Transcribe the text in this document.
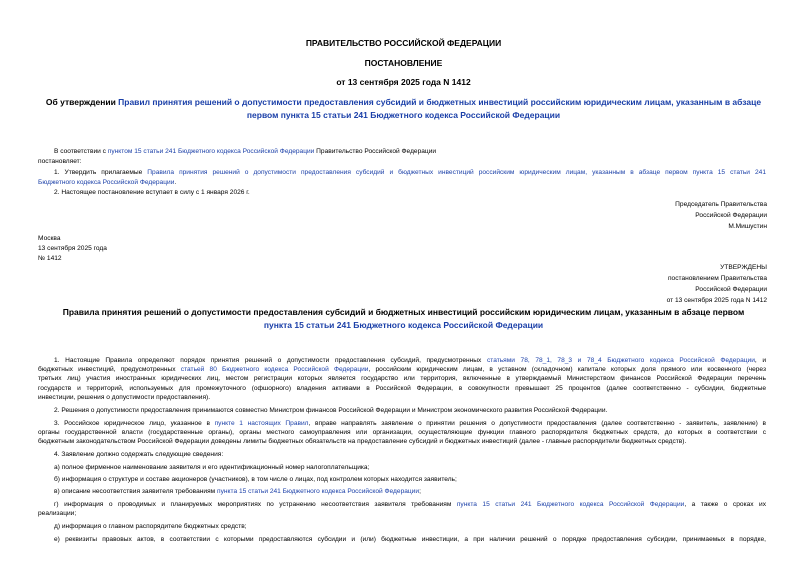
ПРАВИТЕЛЬСТВО РОССИЙСКОЙ ФЕДЕРАЦИИ
ПОСТАНОВЛЕНИЕ
от 13 сентября 2025 года N 1412
Об утверждении Правил принятия решений о допустимости предоставления субсидий и бюджетных инвестиций российским юридическим лицам, указанным в абзаце первом пункта 15 статьи 241 Бюджетного кодекса Российской Федерации
В соответствии с пунктом 15 статьи 241 Бюджетного кодекса Российской Федерации Правительство Российской Федерации
постановляет:
1. Утвердить прилагаемые Правила принятия решений о допустимости предоставления субсидий и бюджетных инвестиций российским юридическим лицам, указанным в абзаце первом пункта 15 статьи 241
Бюджетного кодекса Российской Федерации.
2. Настоящее постановление вступает в силу с 1 января 2026 г.
Председатель Правительства
Российской Федерации
М.Мишустин
Москва
13 сентября 2025 года
№ 1412
УТВЕРЖДЕНЫ
постановлением Правительства
Российской Федерации
от 13 сентября 2025 года N 1412
Правила принятия решений о допустимости предоставления субсидий и бюджетных инвестиций российским юридическим лицам, указанным в абзаце первом
пункта 15 статьи 241 Бюджетного кодекса Российской Федерации
1. Настоящие Правила определяют порядок принятия решений о допустимости предоставления субсидий, предусмотренных статьями 78, 78_1, 78_3 и 78_4 Бюджетного кодекса Российской Федерации, и
бюджетных инвестиций, предусмотренных статьей 80 Бюджетного кодекса Российской Федерации, российским юридическим лицам, в уставном (складочном) капитале которых доля прямого или косвенного (через
третьих лиц) участия иностранных юридических лиц, местом регистрации которых является государство или территория, включенные в утверждаемый Министерством финансов Российской Федерации перечень
государств и территорий, используемых для промежуточного (офшорного) владения активами в Российской Федерации, в совокупности превышает 25 процентов (далее соответственно - субсидии, бюджетные
инвестиции, решения о допустимости предоставления).
2. Решения о допустимости предоставления принимаются совместно Министром финансов Российской Федерации и Министром экономического развития Российской Федерации.
3. Российское юридическое лицо, указанное в пункте 1 настоящих Правил, вправе направлять заявление о принятии решения о допустимости предоставления (далее соответственно - заявитель, заявление) в
органы государственной власти (государственные органы), органы местного самоуправления или организации, осуществляющие функции главного распорядителя бюджетных средств, до которых в соответствии с
бюджетным законодательством Российской Федерации доведены лимиты бюджетных обязательств на предоставление субсидий и бюджетных инвестиций (далее - главные распорядители бюджетных средств).
4. Заявление должно содержать следующие сведения:
а) полное фирменное наименование заявителя и его идентификационный номер налогоплательщика;
б) информация о структуре и составе акционеров (участников), в том числе о лицах, под контролем которых находится заявитель;
в) описание несоответствия заявителя требованиям пункта 15 статьи 241 Бюджетного кодекса Российской Федерации;
г) информация о проводимых и планируемых мероприятиях по устранению несоответствия заявителя требованиям пункта 15 статьи 241 Бюджетного кодекса Российской Федерации, а также о сроках их
реализации;
д) информация о главном распорядителе бюджетных средств;
е) реквизиты правовых актов, в соответствии с которыми предоставляются субсидии и (или) бюджетные инвестиции, а при наличии решений о порядке предоставления субсидии, принимаемых в порядке,
